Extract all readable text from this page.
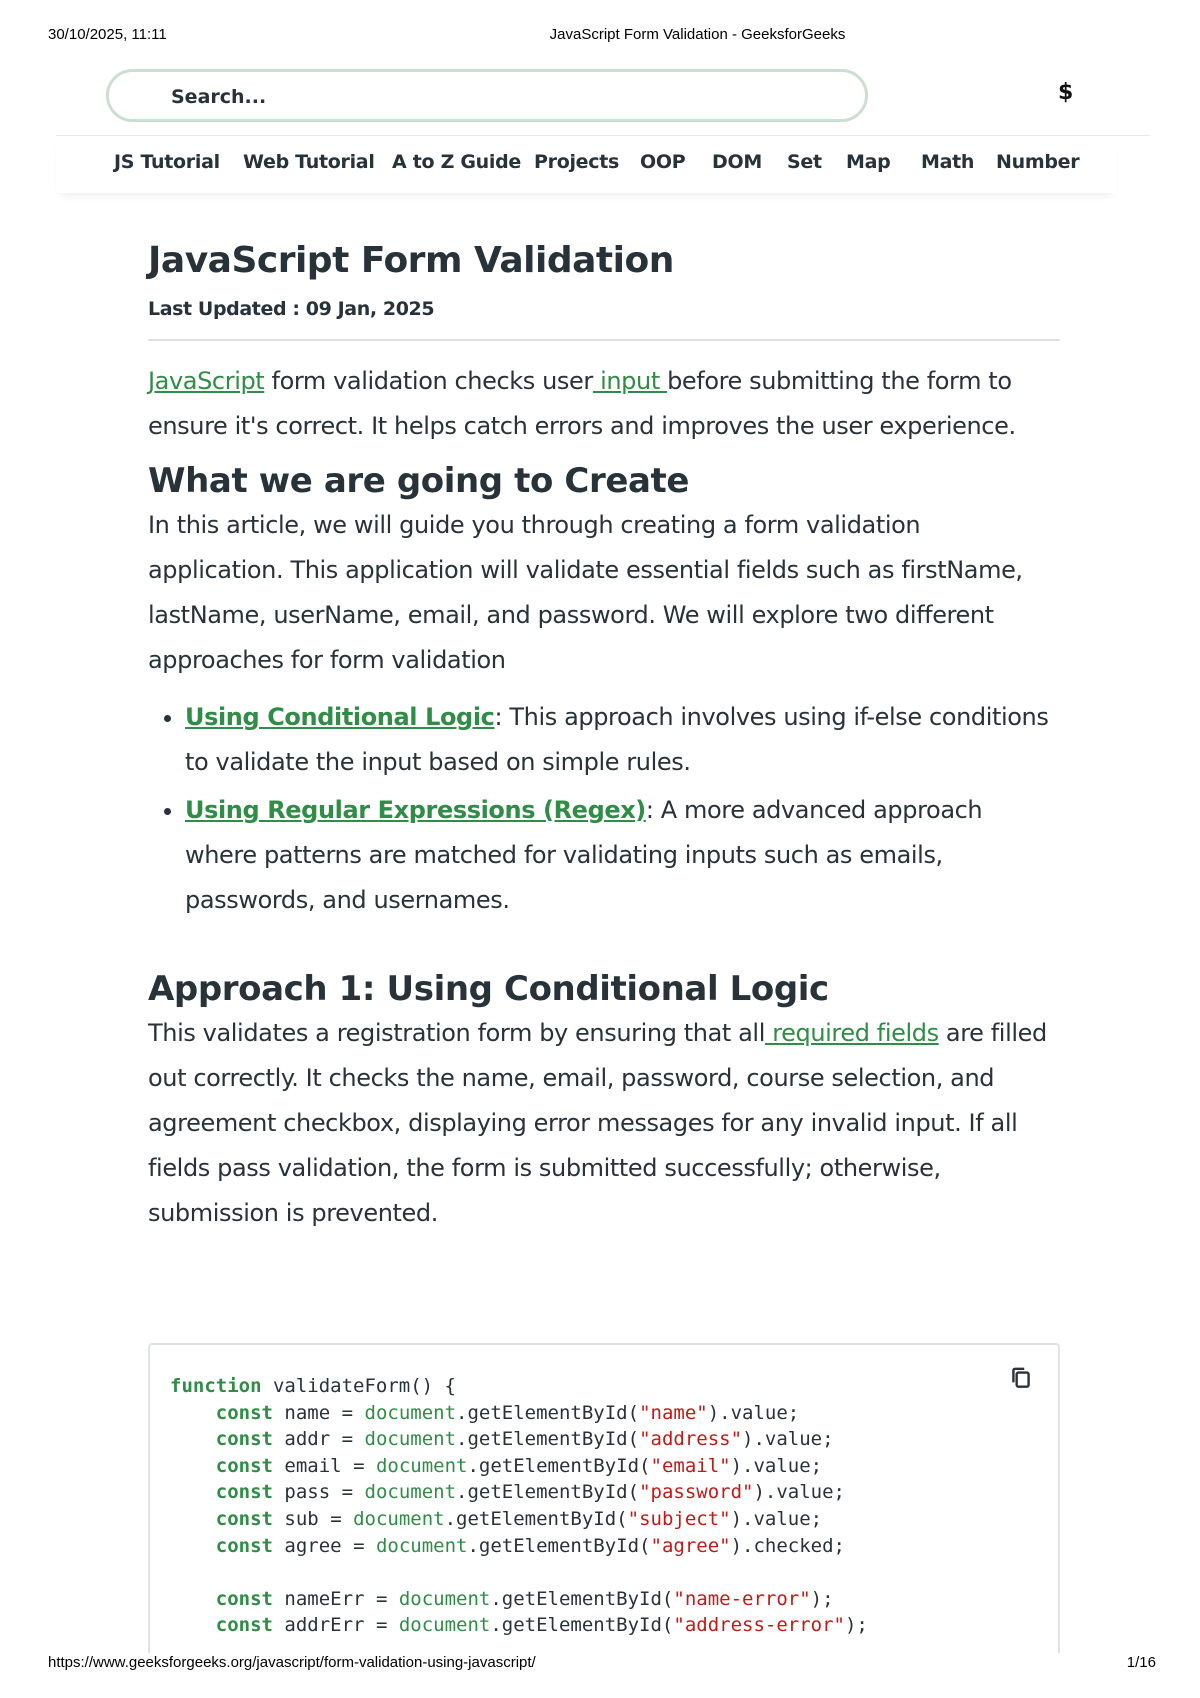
30/10/2025, 11:11	JavaScript Form Validation - GeeksforGeeks
Search...
$
JS Tutorial Web Tutorial A to Z Guide Projects OOP DOM Set Map Math Number
JavaScript Form Validation
Last Updated : 09 Jan, 2025

JavaScript form validation checks user input before submitting the form to ensure it's correct. It helps catch errors and improves the user experience.

What we are going to Create

In this article, we will guide you through creating a form validation application. This application will validate essential fields such as firstName, lastName, userName, email, and password. We will explore two different approaches for form validation

• Using Conditional Logic: This approach involves using if-else conditions to validate the input based on simple rules.
• Using Regular Expressions (Regex): A more advanced approach where patterns are matched for validating inputs such as emails, passwords, and usernames.
Approach 1: Using Conditional Logic

This validates a registration form by ensuring that all required fields are filled out correctly. It checks the name, email, password, course selection, and agreement checkbox, displaying error messages for any invalid input. If all fields pass validation, the form is submitted successfully; otherwise, submission is prevented.

function validateForm() {
const name = document.getElementById("name").value;
const addr = document.getElementById("address").value;
const email = document.getElementById("email").value;
const pass = document.getElementById("password").value;
const sub = document.getElementById("subject").value;
const agree = document.getElementById("agree").checked;

const nameErr = document.getElementById("name-error");
const addrErr = document.getElementById("address-error");
https://www.geeksforgeeks.org/javascript/form-validation-using-javascript/	1/16
